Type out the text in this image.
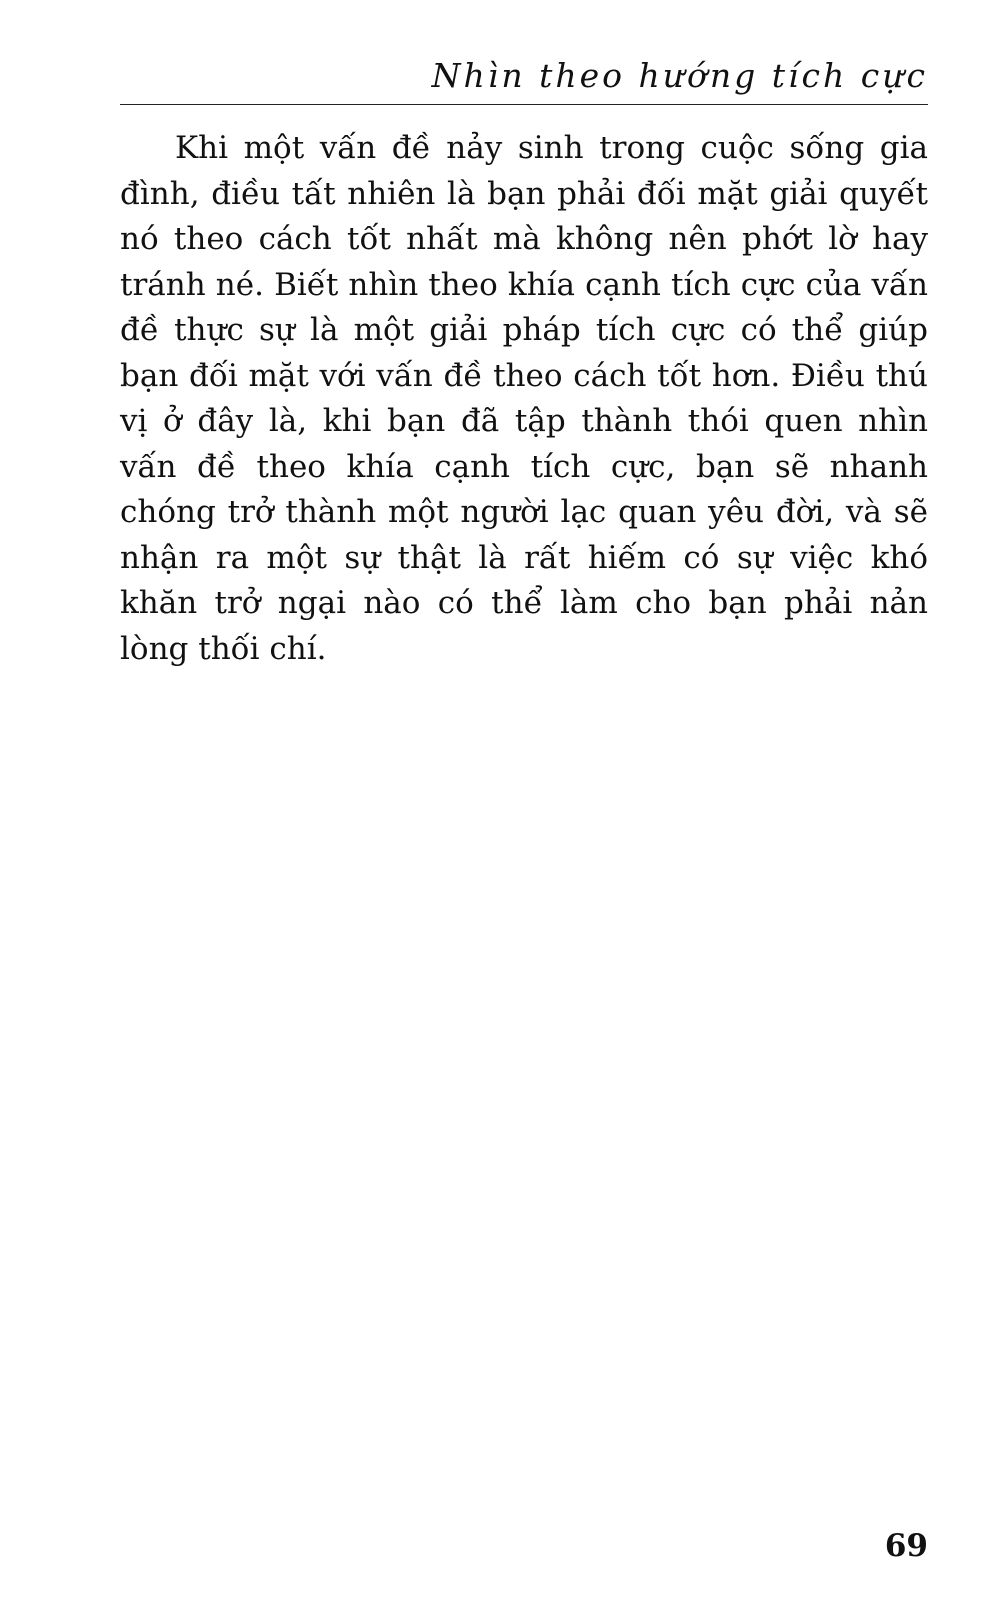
Nhìn theo hướng tích cực

Khi một vấn đề nảy sinh trong cuộc sống gia đình, điều tất nhiên là bạn phải đối mặt giải quyết nó theo cách tốt nhất mà không nên phớt lờ hay tránh né. Biết nhìn theo khía cạnh tích cực của vấn đề thực sự là một giải pháp tích cực có thể giúp bạn đối mặt với vấn đề theo cách tốt hơn. Điều thú vị ở đây là, khi bạn đã tập thành thói quen nhìn vấn đề theo khía cạnh tích cực, bạn sẽ nhanh chóng trở thành một người lạc quan yêu đời, và sẽ nhận ra một sự thật là rất hiếm có sự việc khó khăn trở ngại nào có thể làm cho bạn phải nản lòng thối chí.

69
